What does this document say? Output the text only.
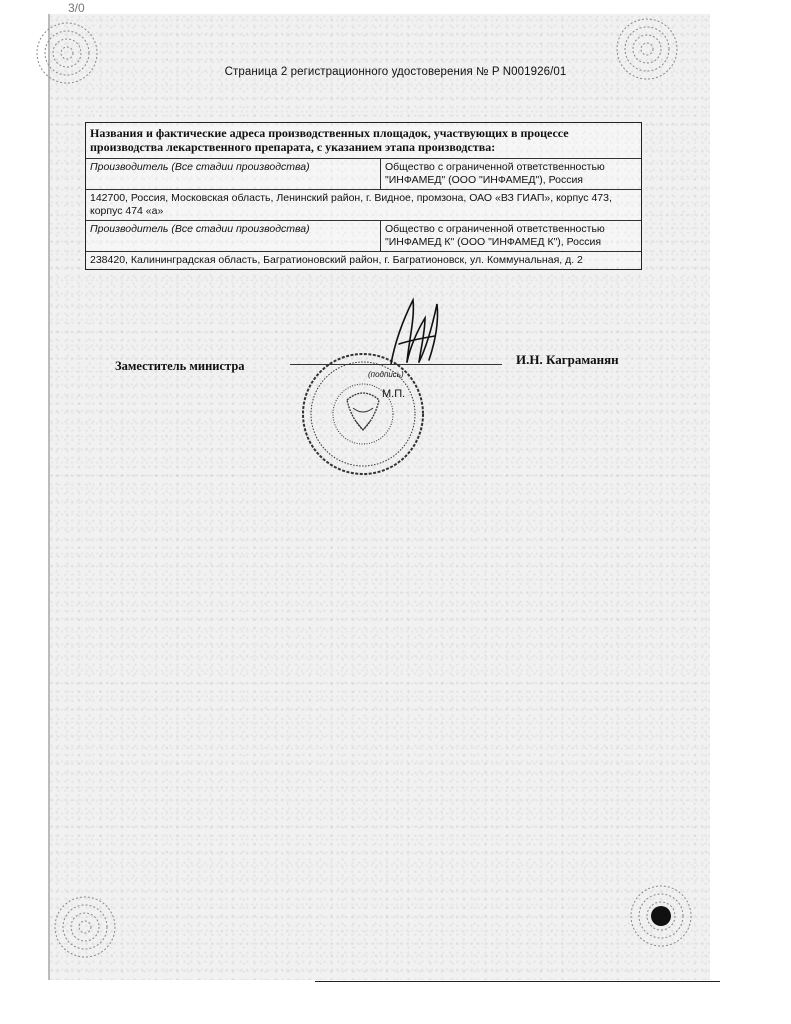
3/0
Страница 2 регистрационного удостоверения № P N001926/01
Названия и фактические адреса производственных площадок, участвующих в процессе производства лекарственного препарата, с указанием этапа производства:
Производитель (Все стадии производства)	Общество с ограниченной ответственностью "ИНФАМЕД" (ООО "ИНФАМЕД"), Россия
142700, Россия, Московская область, Ленинский район, г. Видное, промзона, ОАО «ВЗ ГИАП», корпус 473, корпус 474 «а»
Производитель (Все стадии производства)	Общество с ограниченной ответственностью "ИНФАМЕД К" (ООО "ИНФАМЕД К"), Россия
238420, Калининградская область, Багратионовский район, г. Багратионовск, ул. Коммунальная, д. 2
Заместитель министра
(подпись)
М.П.
И.Н. Каграманян
